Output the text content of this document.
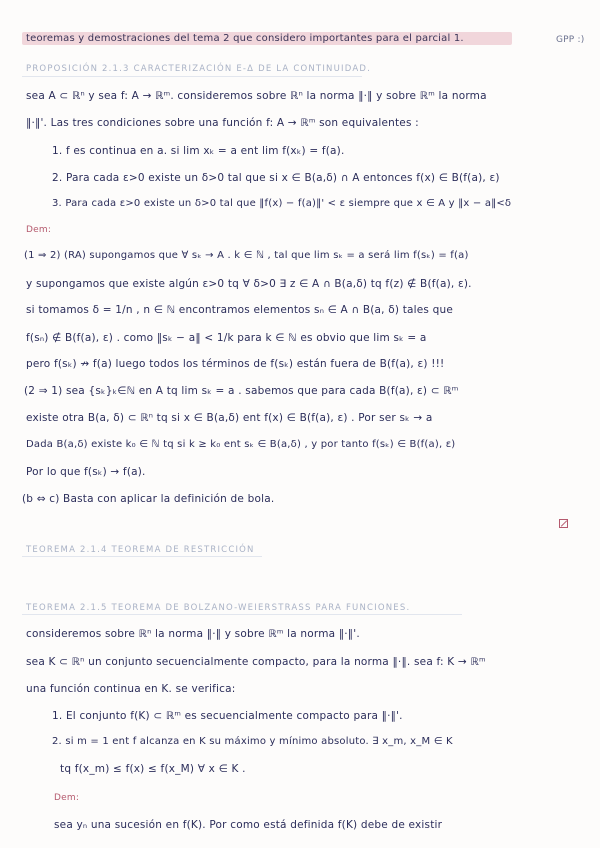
teoremas y demostraciones del tema 2 que considero importantes para el parcial 1.	GPP :)
PROPOSICIÓN 2.1.3 CARACTERIZACIÓN Ε-Δ DE LA CONTINUIDAD.
sea A ⊂ ℝⁿ y sea f: A → ℝᵐ. consideremos sobre ℝⁿ la norma ‖·‖ y sobre ℝᵐ la norma
‖·‖'. Las tres condiciones sobre una función f: A → ℝᵐ son equivalentes :
1. f es continua en a. si lim xₖ = a ent lim f(xₖ) = f(a).
2. Para cada ε>0 existe un δ>0 tal que si x ∈ B(a,δ) ∩ A entonces f(x) ∈ B(f(a), ε)
3. Para cada ε>0 existe un δ>0 tal que ‖f(x) − f(a)‖' < ε siempre que x ∈ A y ‖x − a‖<δ
Dem:
(1 ⇒ 2) (RA) supongamos que ∀ sₖ → A . k ∈ ℕ , tal que lim sₖ = a será lim f(sₖ) = f(a)
y supongamos que existe algún ε>0 tq ∀ δ>0 ∃ z ∈ A ∩ B(a,δ) tq f(z) ∉ B(f(a), ε).
si tomamos δ = 1/n , n ∈ ℕ encontramos elementos sₙ ∈ A ∩ B(a, δ) tales que
f(sₙ) ∉ B(f(a), ε) . como ‖sₖ − a‖ < 1/k para k ∈ ℕ es obvio que lim sₖ = a
pero f(sₖ) ↛ f(a) luego todos los términos de f(sₖ) están fuera de B(f(a), ε) !!!
(2 ⇒ 1) sea {sₖ}ₖ∈ℕ en A tq lim sₖ = a . sabemos que para cada B(f(a), ε) ⊂ ℝᵐ
existe otra B(a, δ) ⊂ ℝⁿ tq si x ∈ B(a,δ) ent f(x) ∈ B(f(a), ε) . Por ser sₖ → a
Dada B(a,δ) existe k₀ ∈ ℕ tq si k ≥ k₀ ent sₖ ∈ B(a,δ) , y por tanto f(sₖ) ∈ B(f(a), ε)
Por lo que f(sₖ) → f(a).
(b ⇔ c) Basta con aplicar la definición de bola.
TEOREMA 2.1.4 TEOREMA DE RESTRICCIÓN
TEOREMA 2.1.5 TEOREMA DE BOLZANO-WEIERSTRASS PARA FUNCIONES.
consideremos sobre ℝⁿ la norma ‖·‖ y sobre ℝᵐ la norma ‖·‖'.
sea K ⊂ ℝⁿ un conjunto secuencialmente compacto, para la norma ‖·‖. sea f: K → ℝᵐ
una función continua en K. se verifica:
1. El conjunto f(K) ⊂ ℝᵐ es secuencialmente compacto para ‖·‖'.
2. si m = 1 ent f alcanza en K su máximo y mínimo absoluto. ∃ x_m, x_M ∈ K
tq f(x_m) ≤ f(x) ≤ f(x_M) ∀ x ∈ K .
Dem:
sea yₙ una sucesión en f(K). Por como está definida f(K) debe de existir
